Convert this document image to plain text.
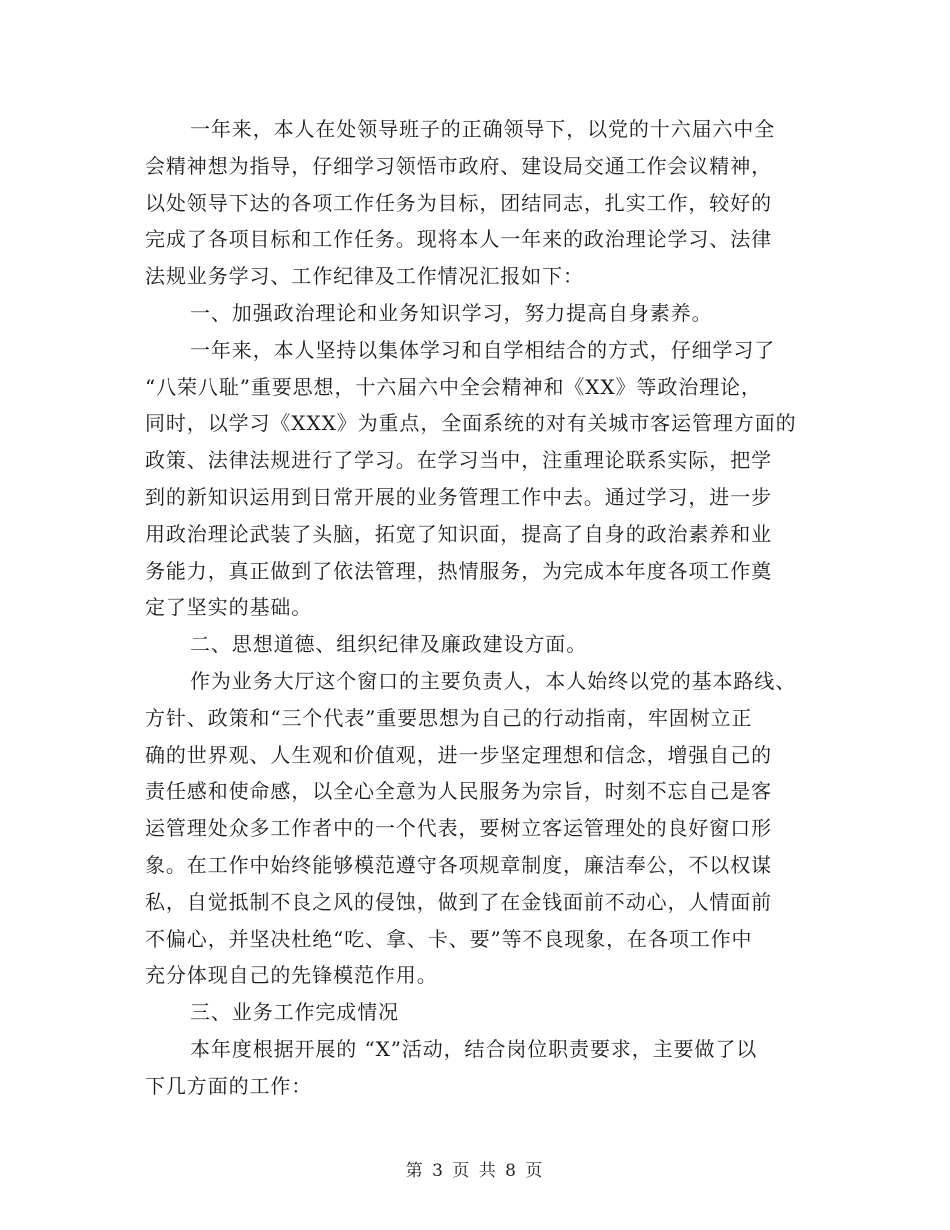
一年来，本人在处领导班子的正确领导下，以党的十六届六中全
会精神想为指导，仔细学习领悟市政府、建设局交通工作会议精神，
以处领导下达的各项工作任务为目标，团结同志，扎实工作，较好的
完成了各项目标和工作任务。现将本人一年来的政治理论学习、法律
法规业务学习、工作纪律及工作情况汇报如下：

一、加强政治理论和业务知识学习，努力提高自身素养。

一年来，本人坚持以集体学习和自学相结合的方式，仔细学习了
“八荣八耻”重要思想，十六届六中全会精神和《XX》等政治理论，
同时，以学习《XXX》为重点，全面系统的对有关城市客运管理方面的
政策、法律法规进行了学习。在学习当中，注重理论联系实际，把学
到的新知识运用到日常开展的业务管理工作中去。通过学习，进一步
用政治理论武装了头脑，拓宽了知识面，提高了自身的政治素养和业
务能力，真正做到了依法管理，热情服务，为完成本年度各项工作奠
定了坚实的基础。

二、思想道德、组织纪律及廉政建设方面。

作为业务大厅这个窗口的主要负责人，本人始终以党的基本路线、
方针、政策和“三个代表”重要思想为自己的行动指南，牢固树立正
确的世界观、人生观和价值观，进一步坚定理想和信念，增强自己的
责任感和使命感，以全心全意为人民服务为宗旨，时刻不忘自己是客
运管理处众多工作者中的一个代表，要树立客运管理处的良好窗口形
象。在工作中始终能够模范遵守各项规章制度，廉洁奉公，不以权谋
私，自觉抵制不良之风的侵蚀，做到了在金钱面前不动心，人情面前
不偏心，并坚决杜绝“吃、拿、卡、要”等不良现象，在各项工作中
充分体现自己的先锋模范作用。

三、业务工作完成情况

本年度根据开展的 “X”活动，结合岗位职责要求，主要做了以
下几方面的工作：

第 3 页 共 8 页
